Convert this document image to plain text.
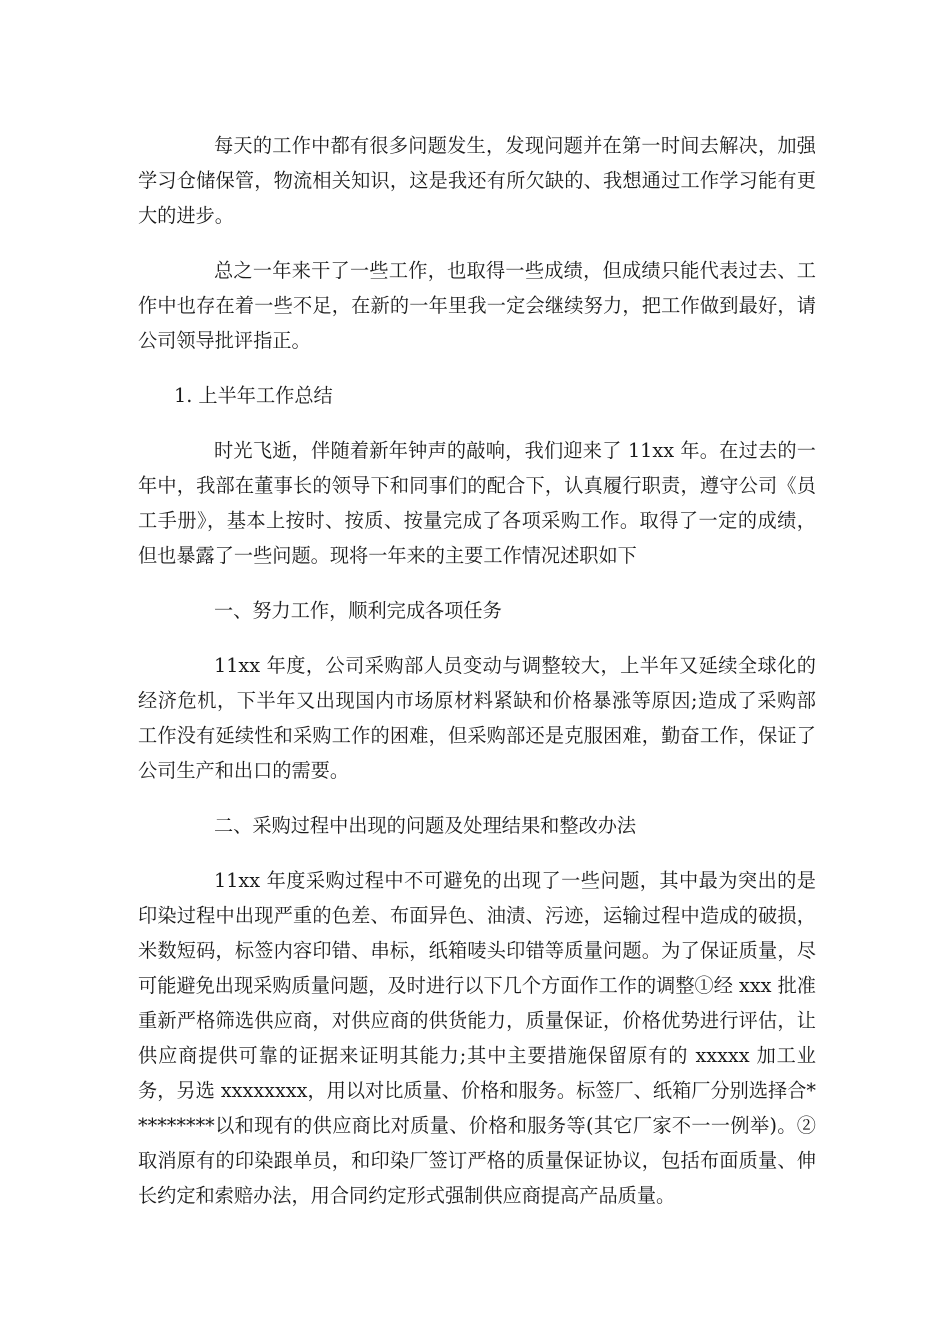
每天的工作中都有很多问题发生，发现问题并在第一时间去解决，加强学习仓储保管，物流相关知识，这是我还有所欠缺的、我想通过工作学习能有更大的进步。

总之一年来干了一些工作，也取得一些成绩，但成绩只能代表过去、工作中也存在着一些不足，在新的一年里我一定会继续努力，把工作做到最好，请公司领导批评指正。

1. 上半年工作总结

时光飞逝，伴随着新年钟声的敲响，我们迎来了 11xx 年。在过去的一年中，我部在董事长的领导下和同事们的配合下，认真履行职责，遵守公司《员工手册》，基本上按时、按质、按量完成了各项采购工作。取得了一定的成绩，但也暴露了一些问题。现将一年来的主要工作情况述职如下

一、努力工作，顺利完成各项任务

11xx 年度，公司采购部人员变动与调整较大，上半年又延续全球化的经济危机，下半年又出现国内市场原材料紧缺和价格暴涨等原因;造成了采购部工作没有延续性和采购工作的困难，但采购部还是克服困难，勤奋工作，保证了公司生产和出口的需要。

二、采购过程中出现的问题及处理结果和整改办法

11xx 年度采购过程中不可避免的出现了一些问题，其中最为突出的是印染过程中出现严重的色差、布面异色、油渍、污迹，运输过程中造成的破损，米数短码，标签内容印错、串标，纸箱唛头印错等质量问题。为了保证质量，尽可能避免出现采购质量问题，及时进行以下几个方面作工作的调整①经 xxx 批准重新严格筛选供应商，对供应商的供货能力，质量保证，价格优势进行评估，让供应商提供可靠的证据来证明其能力;其中主要措施保留原有的 xxxxx 加工业务，另选 xxxxxxxx，用以对比质量、价格和服务。标签厂、纸箱厂分别选择合*********以和现有的供应商比对质量、价格和服务等(其它厂家不一一例举)。②取消原有的印染跟单员，和印染厂签订严格的质量保证协议，包括布面质量、伸长约定和索赔办法，用合同约定形式强制供应商提高产品质量。
